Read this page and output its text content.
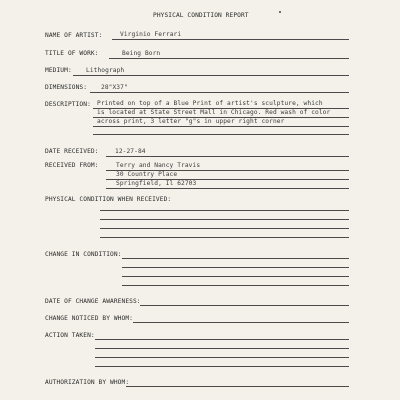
PHYSICAL CONDITION REPORT
NAME OF ARTIST:	Virginio Ferrari
TITLE OF WORK:	Being Born
MEDIUM: Lithograph
DIMENSIONS: 28"X37"
DESCRIPTION: Printed on top of a Blue Print of artist's sculpture, which
is located at State Street Mall in Chicago. Red wash of color
across print, 3 letter "g"s in upper right corner
DATE RECEIVED:	12-27-84
RECEIVED FROM:	Terry and Nancy Travis
30 Country Place
Springfield, Il 62703
PHYSICAL CONDITION WHEN RECEIVED:
CHANGE IN CONDITION:
DATE OF CHANGE AWARENESS:
CHANGE NOTICED BY WHOM:
ACTION TAKEN:
AUTHORIZATION BY WHOM:
